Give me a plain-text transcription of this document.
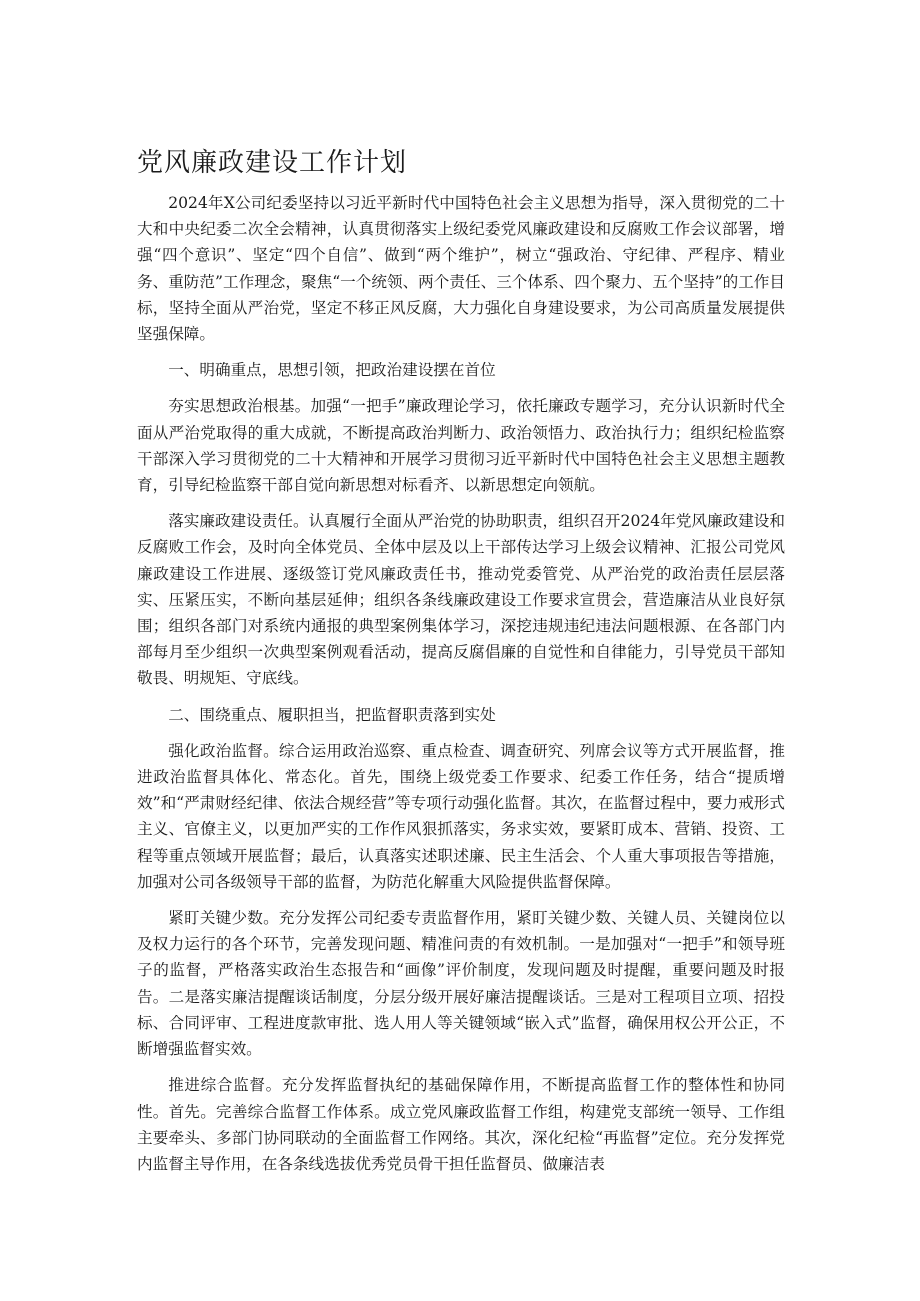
党风廉政建设工作计划

2024年X公司纪委坚持以习近平新时代中国特色社会主义思想为指导，深入贯彻党的二十大和中央纪委二次全会精神，认真贯彻落实上级纪委党风廉政建设和反腐败工作会议部署，增强“四个意识”、坚定“四个自信”、做到“两个维护”，树立“强政治、守纪律、严程序、精业务、重防范”工作理念，聚焦“一个统领、两个责任、三个体系、四个聚力、五个坚持”的工作目标，坚持全面从严治党，坚定不移正风反腐，大力强化自身建设要求，为公司高质量发展提供坚强保障。

一、明确重点，思想引领，把政治建设摆在首位

夯实思想政治根基。加强“一把手”廉政理论学习，依托廉政专题学习，充分认识新时代全面从严治党取得的重大成就，不断提高政治判断力、政治领悟力、政治执行力；组织纪检监察干部深入学习贯彻党的二十大精神和开展学习贯彻习近平新时代中国特色社会主义思想主题教育，引导纪检监察干部自觉向新思想对标看齐、以新思想定向领航。

落实廉政建设责任。认真履行全面从严治党的协助职责，组织召开2024年党风廉政建设和反腐败工作会，及时向全体党员、全体中层及以上干部传达学习上级会议精神、汇报公司党风廉政建设工作进展、逐级签订党风廉政责任书，推动党委管党、从严治党的政治责任层层落实、压紧压实，不断向基层延伸；组织各条线廉政建设工作要求宣贯会，营造廉洁从业良好氛围；组织各部门对系统内通报的典型案例集体学习，深挖违规违纪违法问题根源、在各部门内部每月至少组织一次典型案例观看活动，提高反腐倡廉的自觉性和自律能力，引导党员干部知敬畏、明规矩、守底线。

二、围绕重点、履职担当，把监督职责落到实处

强化政治监督。综合运用政治巡察、重点检查、调查研究、列席会议等方式开展监督，推进政治监督具体化、常态化。首先，围绕上级党委工作要求、纪委工作任务，结合“提质增效”和“严肃财经纪律、依法合规经营”等专项行动强化监督。其次，在监督过程中，要力戒形式主义、官僚主义，以更加严实的工作作风狠抓落实，务求实效，要紧盯成本、营销、投资、工程等重点领域开展监督；最后，认真落实述职述廉、民主生活会、个人重大事项报告等措施，加强对公司各级领导干部的监督，为防范化解重大风险提供监督保障。

紧盯关键少数。充分发挥公司纪委专责监督作用，紧盯关键少数、关键人员、关键岗位以及权力运行的各个环节，完善发现问题、精准问责的有效机制。一是加强对“一把手”和领导班子的监督，严格落实政治生态报告和“画像”评价制度，发现问题及时提醒，重要问题及时报告。二是落实廉洁提醒谈话制度，分层分级开展好廉洁提醒谈话。三是对工程项目立项、招投标、合同评审、工程进度款审批、选人用人等关键领域“嵌入式”监督，确保用权公开公正，不断增强监督实效。

推进综合监督。充分发挥监督执纪的基础保障作用，不断提高监督工作的整体性和协同性。首先。完善综合监督工作体系。成立党风廉政监督工作组，构建党支部统一领导、工作组主要牵头、多部门协同联动的全面监督工作网络。其次，深化纪检“再监督”定位。充分发挥党内监督主导作用，在各条线选拔优秀党员骨干担任监督员、做廉洁表
